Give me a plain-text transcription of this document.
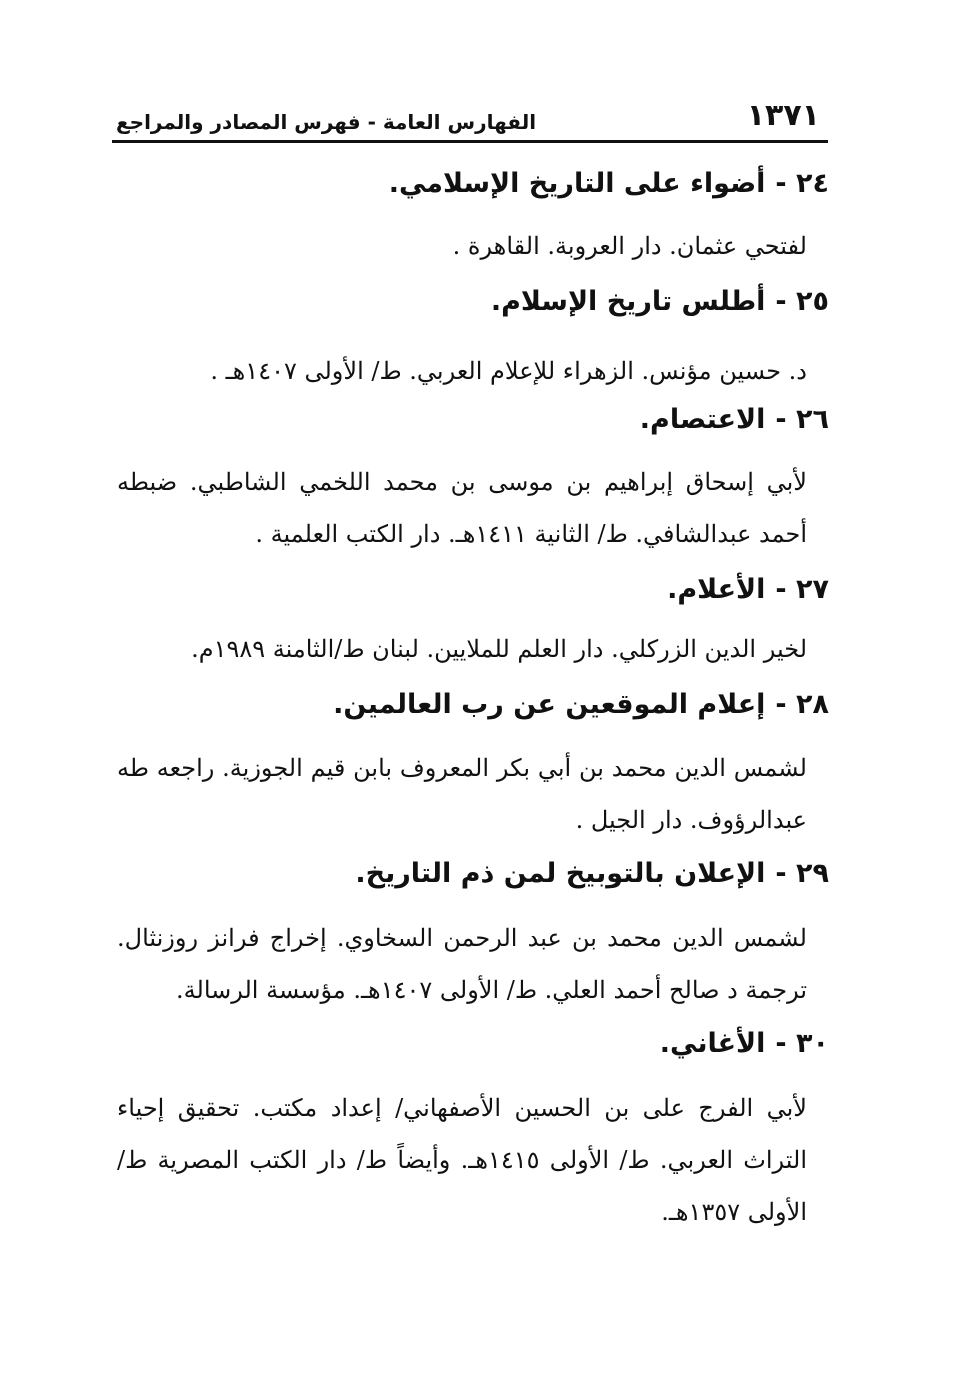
١٣٧١
الفهارس العامة - فهرس المصادر والمراجع
٢٤ -أضواء على التاريخ الإسلامي.

لفتحي عثمان. دار العروبة. القاهرة .

٢٥ -أطلس تاريخ الإسلام.

د. حسين مؤنس. الزهراء للإعلام العربي. ط/ الأولى ١٤٠٧هـ .

٢٦ -الاعتصام.

لأبي إسحاق إبراهيم بن موسى بن محمد اللخمي الشاطبي. ضبطه أحمد عبدالشافي. ط/ الثانية ١٤١١هـ. دار الكتب العلمية .

٢٧ -الأعلام.

لخير الدين الزركلي. دار العلم للملايين. لبنان ط/الثامنة ١٩٨٩م.

٢٨ -إعلام الموقعين عن رب العالمين.

لشمس الدين محمد بن أبي بكر المعروف بابن قيم الجوزية. راجعه طه عبدالرؤوف. دار الجيل .

٢٩ -الإعلان بالتوبيخ لمن ذم التاريخ.

لشمس الدين محمد بن عبد الرحمن السخاوي. إخراج فرانز روزنثال. ترجمة د صالح أحمد العلي. ط/ الأولى ١٤٠٧هـ. مؤسسة الرسالة.

٣٠ -الأغاني.

لأبي الفرج على بن الحسين الأصفهاني/ إعداد مكتب. تحقيق إحياء التراث العربي. ط/ الأولى ١٤١٥هـ. وأيضاً ط/ دار الكتب المصرية ط/ الأولى ١٣٥٧هـ.
